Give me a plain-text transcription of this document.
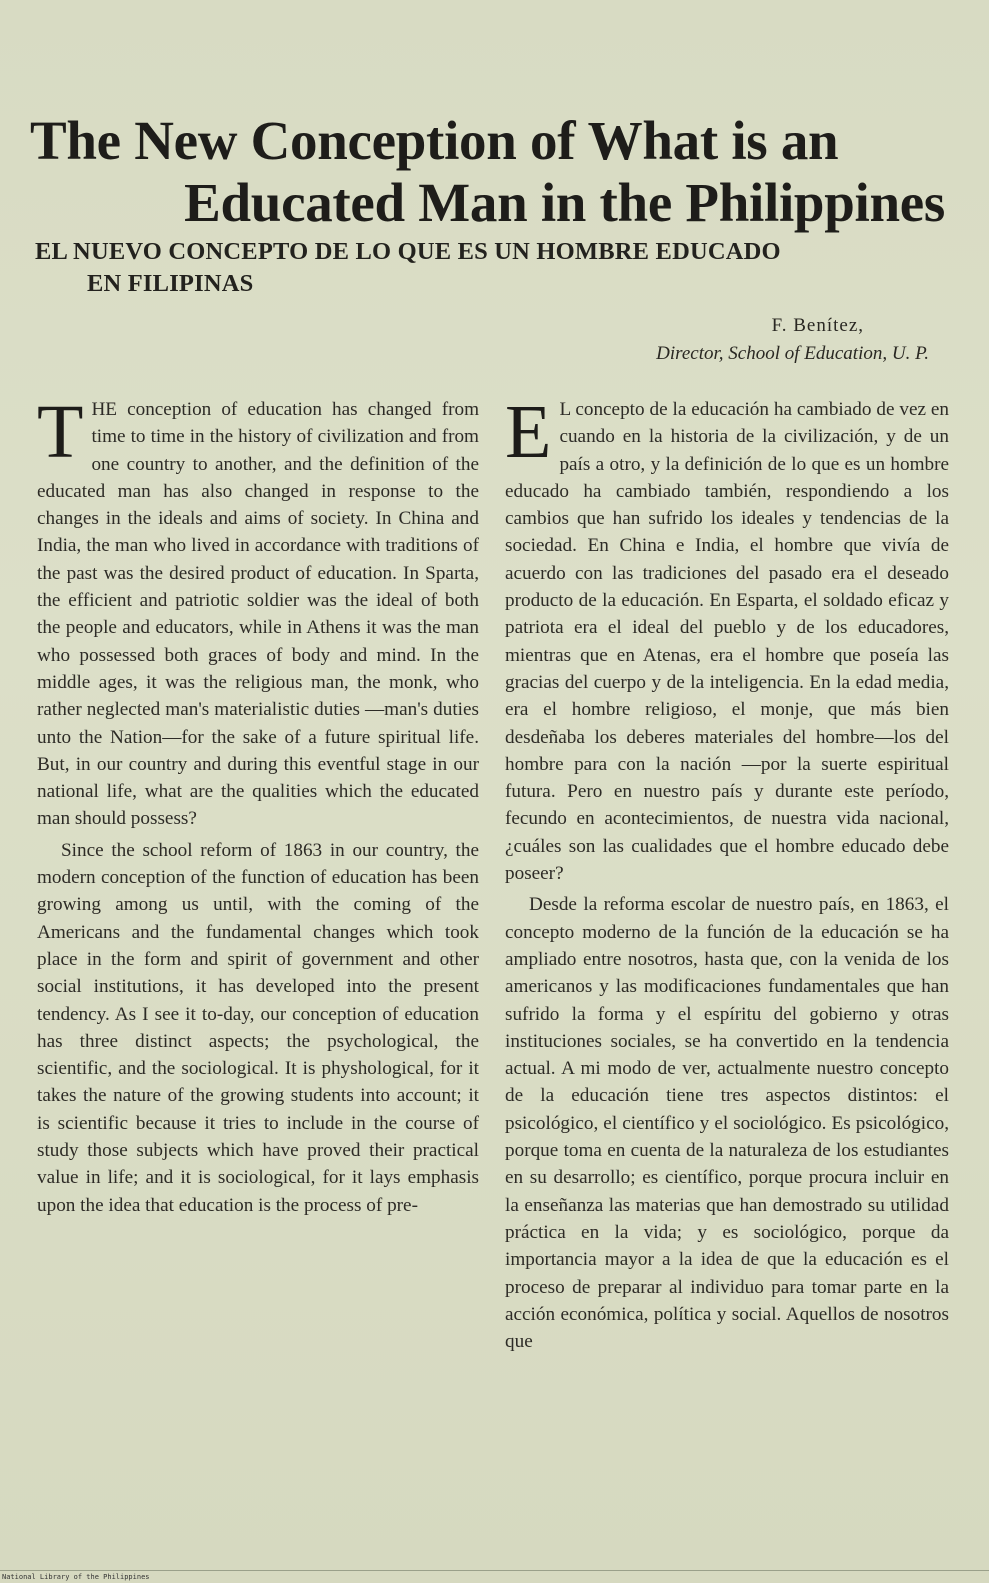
The New Conception of What is an
Educated Man in the Philippines
EL NUEVO CONCEPTO DE LO QUE ES UN HOMBRE EDUCADO
EN FILIPINAS
F. Benítez,
Director, School of Education, U. P.

THE conception of education has changed from time to time in the history of civilization and from one country to another, and the definition of the educated man has also changed in response to the changes in the ideals and aims of society. In China and India, the man who lived in accordance with traditions of the past was the desired product of education. In Sparta, the efficient and patriotic soldier was the ideal of both the people and educators, while in Athens it was the man who possessed both graces of body and mind. In the middle ages, it was the religious man, the monk, who rather neglected man's materialistic duties —man's duties unto the Nation—for the sake of a future spiritual life. But, in our country and during this eventful stage in our national life, what are the qualities which the educated man should possess?

Since the school reform of 1863 in our country, the modern conception of the function of education has been growing among us until, with the coming of the Americans and the fundamental changes which took place in the form and spirit of government and other social institutions, it has developed into the present tendency. As I see it to-day, our conception of education has three distinct aspects; the psychological, the scientific, and the sociological. It is physhological, for it takes the nature of the growing students into account; it is scientific because it tries to include in the course of study those subjects which have proved their practical value in life; and it is sociological, for it lays emphasis upon the idea that education is the process of pre-

E L concepto de la educación ha cambiado de vez en cuando en la historia de la civilización, y de un país a otro, y la definición de lo que es un hombre educado ha cambiado también, respondiendo a los cambios que han sufrido los ideales y tendencias de la sociedad. En China e India, el hombre que vivía de acuerdo con las tradiciones del pasado era el deseado producto de la educación. En Esparta, el soldado eficaz y patriota era el ideal del pueblo y de los educadores, mientras que en Atenas, era el hombre que poseía las gracias del cuerpo y de la inteligencia. En la edad media, era el hombre religioso, el monje, que más bien desdeñaba los deberes materiales del hombre—los del hombre para con la nación —por la suerte espiritual futura. Pero en nuestro país y durante este período, fecundo en acontecimientos, de nuestra vida nacional, ¿cuáles son las cualidades que el hombre educado debe poseer?

Desde la reforma escolar de nuestro país, en 1863, el concepto moderno de la función de la educación se ha ampliado entre nosotros, hasta que, con la venida de los americanos y las modificaciones fundamentales que han sufrido la forma y el espíritu del gobierno y otras instituciones sociales, se ha convertido en la tendencia actual. A mi modo de ver, actualmente nuestro concepto de la educación tiene tres aspectos distintos: el psicológico, el científico y el sociológico. Es psicológico, porque toma en cuenta de la naturaleza de los estudiantes en su desarrollo; es científico, porque procura incluir en la enseñanza las materias que han demostrado su utilidad práctica en la vida; y es sociológico, porque da importancia mayor a la idea de que la educación es el proceso de preparar al individuo para tomar parte en la acción económica, política y social. Aquellos de nosotros que

National Library of the Philippines
